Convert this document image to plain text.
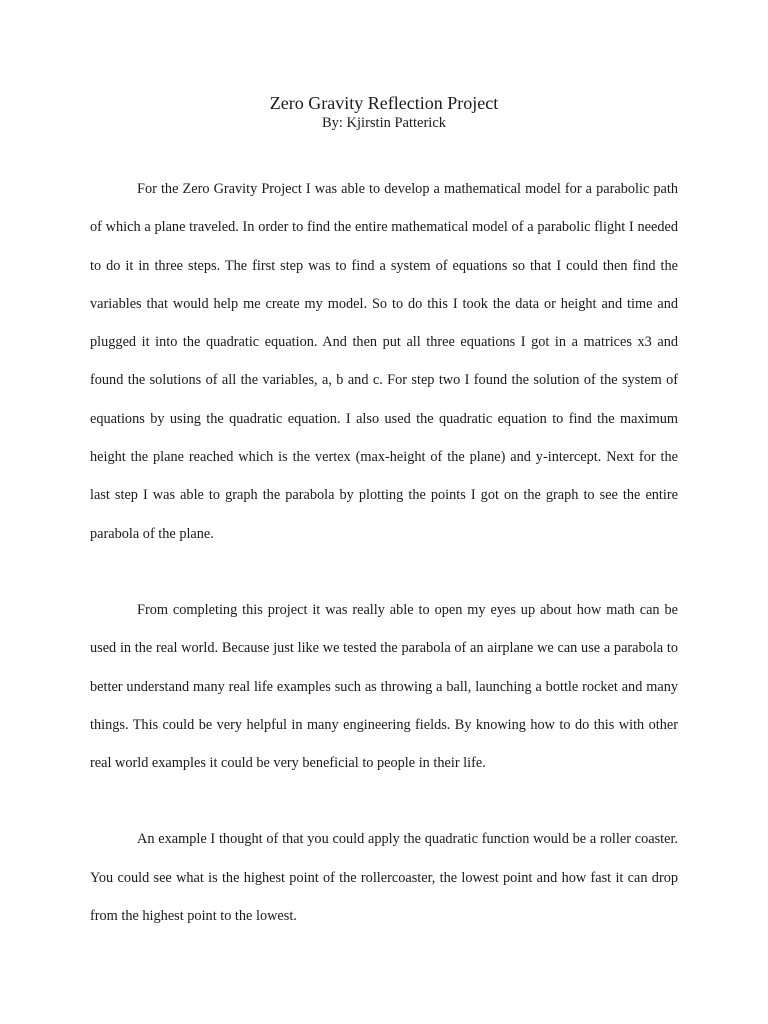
Zero Gravity Reflection Project

By: Kjirstin Patterick

For the Zero Gravity Project I was able to develop a mathematical model for a parabolic path of which a plane traveled. In order to find the entire mathematical model of a parabolic flight I needed to do it in three steps. The first step was to find a system of equations so that I could then find the variables that would help me create my model. So to do this I took the data or height and time and plugged it into the quadratic equation. And then put all three equations I got in a matrices x3 and found the solutions of all the variables, a, b and c. For step two I found the solution of the system of equations by using the quadratic equation. I also used the quadratic equation to find the maximum height the plane reached which is the vertex (max-height of the plane) and y-intercept. Next for the last step I was able to graph the parabola by plotting the points I got on the graph to see the entire parabola of the plane.

From completing this project it was really able to open my eyes up about how math can be used in the real world. Because just like we tested the parabola of an airplane we can use a parabola to better understand many real life examples such as throwing a ball, launching a bottle rocket and many things. This could be very helpful in many engineering fields. By knowing how to do this with other real world examples it could be very beneficial to people in their life.

An example I thought of that you could apply the quadratic function would be a roller coaster. You could see what is the highest point of the rollercoaster, the lowest point and how fast it can drop from the highest point to the lowest.
